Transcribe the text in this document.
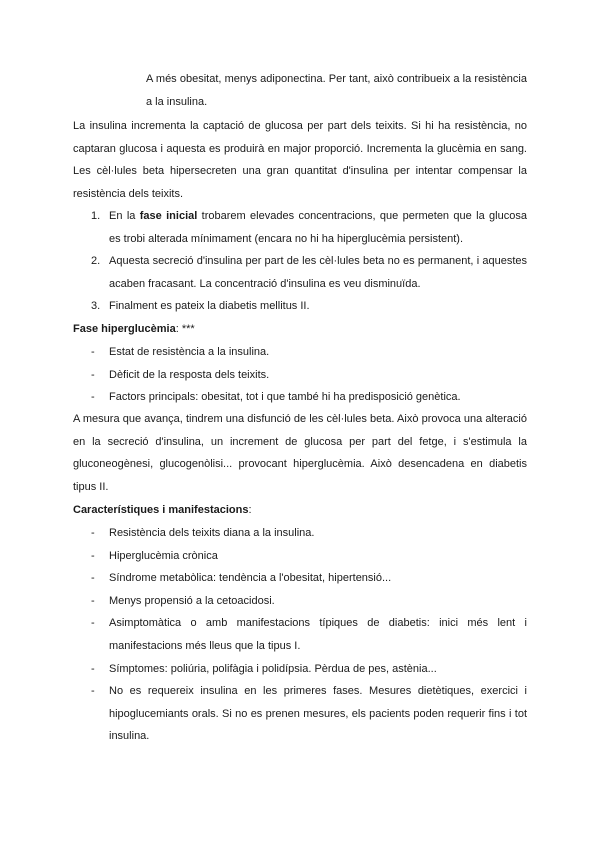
A més obesitat, menys adiponectina. Per tant, això contribueix a la resistència a la insulina.

La insulina incrementa la captació de glucosa per part dels teixits. Si hi ha resistència, no captaran glucosa i aquesta es produirà en major proporció. Incrementa la glucèmia en sang. Les cèl·lules beta hipersecreten una gran quantitat d'insulina per intentar compensar la resistència dels teixits.

1. En la fase inicial trobarem elevades concentracions, que permeten que la glucosa es trobi alterada mínimament (encara no hi ha hiperglucèmia persistent).
2. Aquesta secreció d'insulina per part de les cèl·lules beta no es permanent, i aquestes acaben fracasant. La concentració d'insulina es veu disminuïda.
3. Finalment es pateix la diabetis mellitus II.

Fase hiperglucèmia: ***

- Estat de resistència a la insulina.
- Dèficit de la resposta dels teixits.
- Factors principals: obesitat, tot i que també hi ha predisposició genètica.

A mesura que avança, tindrem una disfunció de les cèl·lules beta. Això provoca una alteració en la secreció d'insulina, un increment de glucosa per part del fetge, i s'estimula la gluconeogènesi, glucogenòlisi... provocant hiperglucèmia. Això desencadena en diabetis tipus II.

Característiques i manifestacions:

- Resistència dels teixits diana a la insulina.
- Hiperglucèmia crònica
- Síndrome metabòlica: tendència a l'obesitat, hipertensió...
- Menys propensió a la cetoacidosi.
- Asimptomàtica o amb manifestacions típiques de diabetis: inici més lent i manifestacions més lleus que la tipus I.
- Símptomes: poliúria, polifàgia i polidípsia. Pèrdua de pes, astènia...
- No es requereix insulina en les primeres fases. Mesures dietètiques, exercici i hipoglucemiants orals. Si no es prenen mesures, els pacients poden requerir fins i tot insulina.
